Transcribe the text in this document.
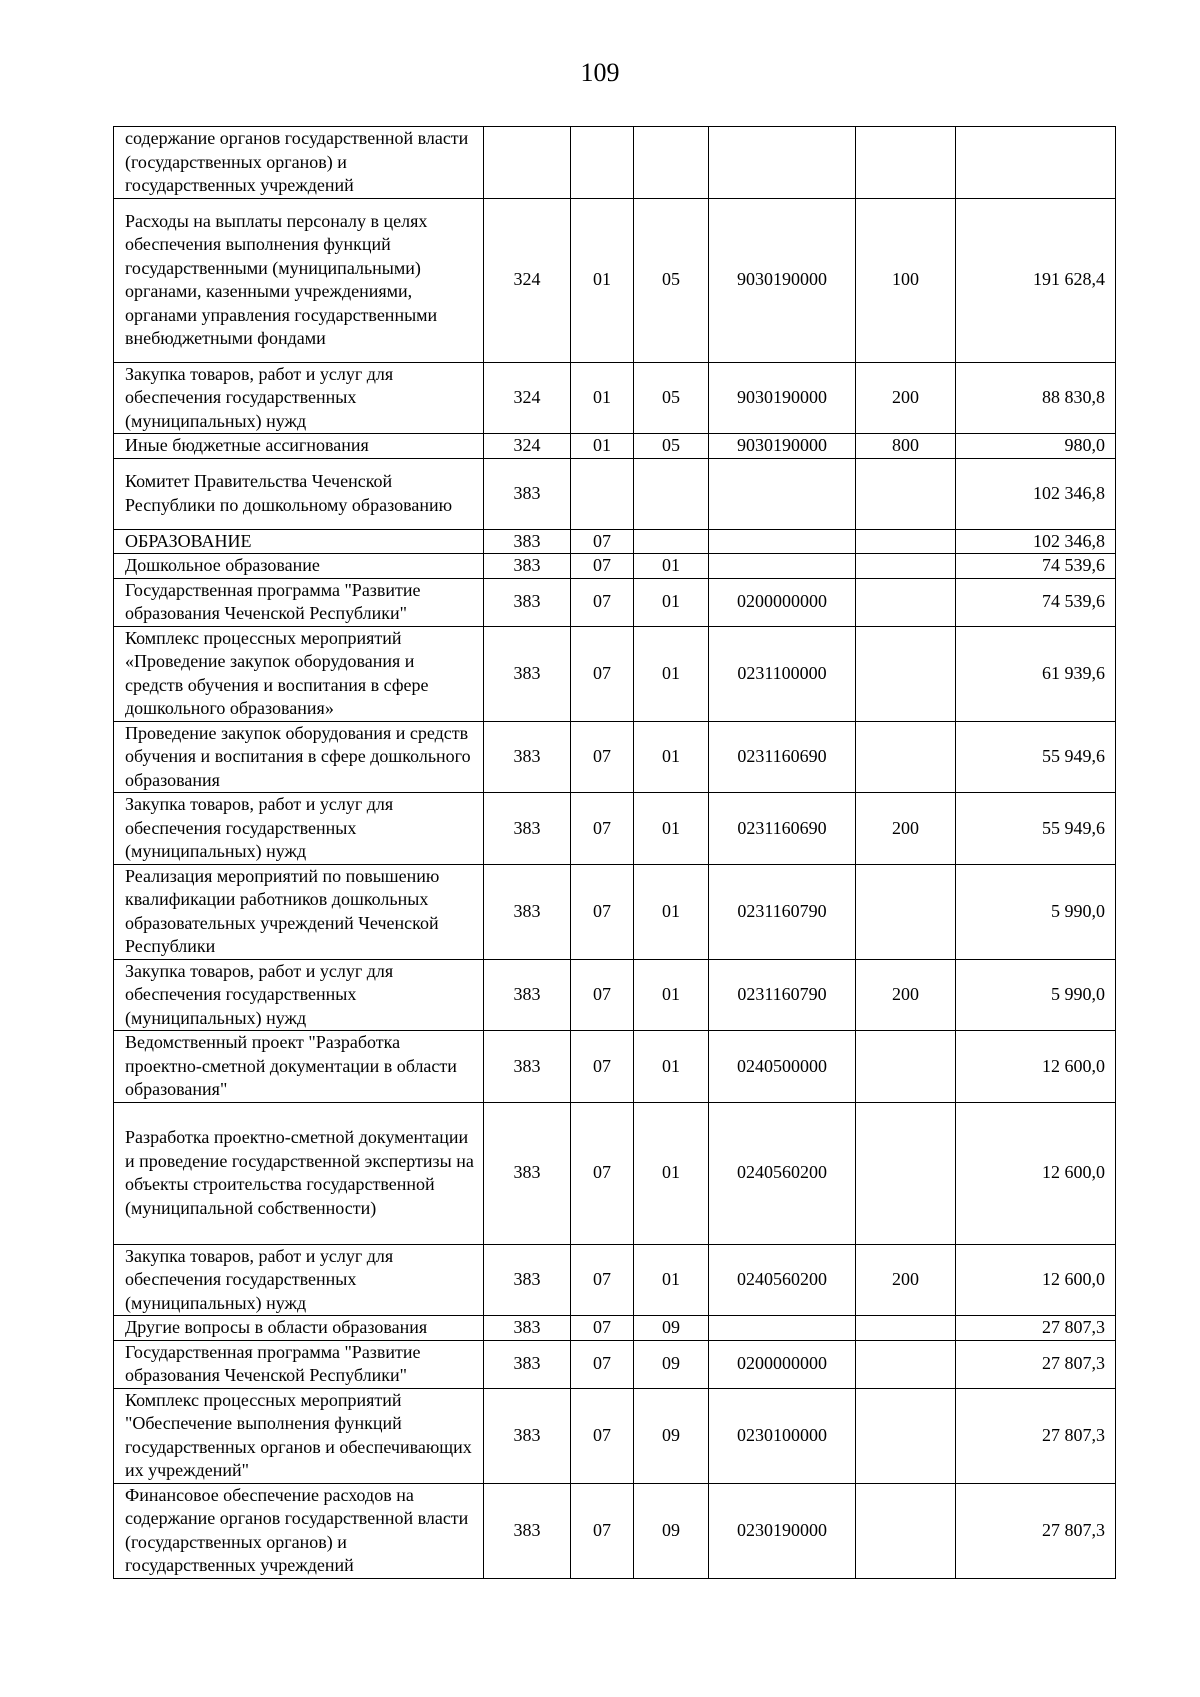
109
содержание органов государственной власти (государственных органов) и государственных учреждений						
Расходы на выплаты персоналу в целях обеспечения выполнения функций государственными (муниципальными) органами, казенными учреждениями, органами управления государственными внебюджетными фондами	324	01	05	9030190000	100	191 628,4
Закупка товаров, работ и услуг для обеспечения государственных (муниципальных) нужд	324	01	05	9030190000	200	88 830,8
Иные бюджетные ассигнования	324	01	05	9030190000	800	980,0
Комитет Правительства Чеченской Республики по дошкольному образованию	383					102 346,8
ОБРАЗОВАНИЕ	383	07				102 346,8
Дошкольное образование	383	07	01			74 539,6
Государственная программа "Развитие образования Чеченской Республики"	383	07	01	0200000000		74 539,6
Комплекс процессных мероприятий «Проведение закупок оборудования и средств обучения и воспитания в сфере дошкольного образования»	383	07	01	0231100000		61 939,6
Проведение закупок оборудования и средств обучения и воспитания в сфере дошкольного образования	383	07	01	0231160690		55 949,6
Закупка товаров, работ и услуг для обеспечения государственных (муниципальных) нужд	383	07	01	0231160690	200	55 949,6
Реализация мероприятий по повышению квалификации работников дошкольных образовательных учреждений Чеченской Республики	383	07	01	0231160790		5 990,0
Закупка товаров, работ и услуг для обеспечения государственных (муниципальных) нужд	383	07	01	0231160790	200	5 990,0
Ведомственный проект "Разработка проектно-сметной документации в области образования"	383	07	01	0240500000		12 600,0
Разработка проектно-сметной документации и проведение государственной экспертизы на объекты строительства государственной (муниципальной собственности)	383	07	01	0240560200		12 600,0
Закупка товаров, работ и услуг для обеспечения государственных (муниципальных) нужд	383	07	01	0240560200	200	12 600,0
Другие вопросы в области образования	383	07	09			27 807,3
Государственная программа "Развитие образования Чеченской Республики"	383	07	09	0200000000		27 807,3
Комплекс процессных мероприятий "Обеспечение выполнения функций государственных органов и обеспечивающих их учреждений"	383	07	09	0230100000		27 807,3
Финансовое обеспечение расходов на содержание органов государственной власти (государственных органов) и государственных учреждений	383	07	09	0230190000		27 807,3
